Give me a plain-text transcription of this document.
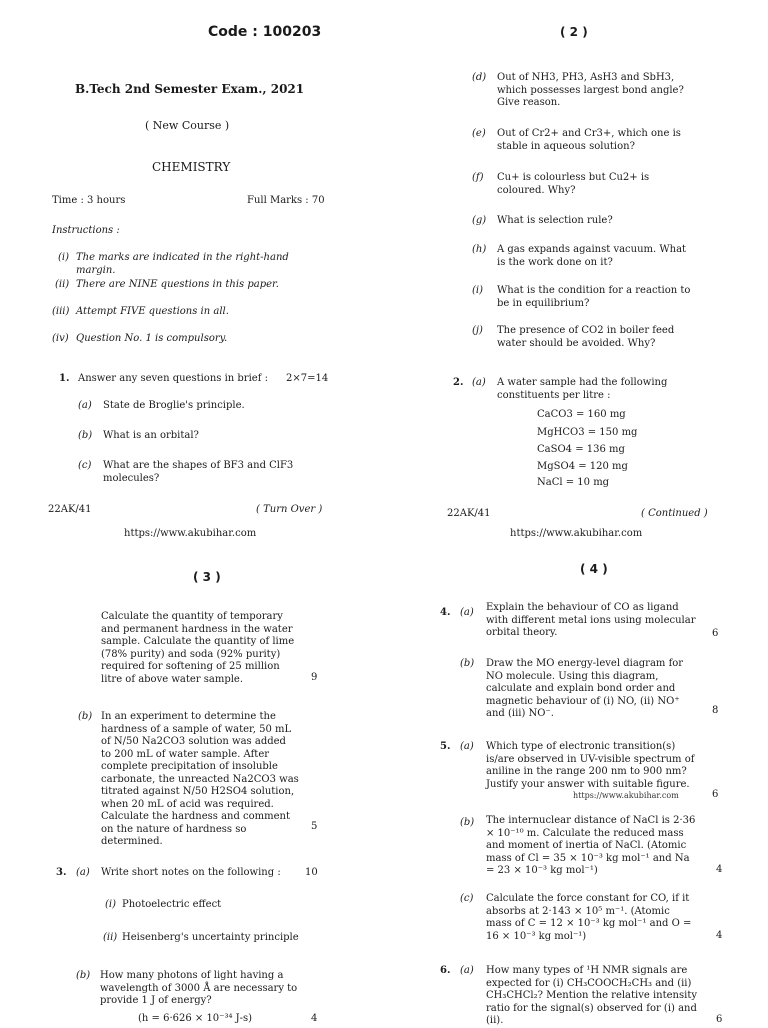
Code : 100203
B.Tech 2nd Semester Exam., 2021
( New Course )
CHEMISTRY
Time : 3 hours	Full Marks : 70
Instructions :
(i) The marks are indicated in the right-hand margin.
(ii) There are NINE questions in this paper.
(iii) Attempt FIVE questions in all.
(iv) Question No. 1 is compulsory.
1. Answer any seven questions in brief : 2×7=14
(a) State de Broglie's principle.
(b) What is an orbital?
(c) What are the shapes of BF3 and ClF3 molecules?
22AK/41	( Turn Over )
https://www.akubihar.com
( 2 )
(d) Out of NH3, PH3, AsH3 and SbH3, which possesses largest bond angle? Give reason.
(e) Out of Cr2+ and Cr3+, which one is stable in aqueous solution?
(f) Cu+ is colourless but Cu2+ is coloured. Why?
(g) What is selection rule?
(h) A gas expands against vacuum. What is the work done on it?
(i) What is the condition for a reaction to be in equilibrium?
(j) The presence of CO2 in boiler feed water should be avoided. Why?
2. (a) A water sample had the following constituents per litre :
CaCO3 = 160 mg
MgHCO3 = 150 mg
CaSO4 = 136 mg
MgSO4 = 120 mg
NaCl = 10 mg
22AK/41	( Continued )
https://www.akubihar.com
( 3 )
Calculate the quantity of temporary and permanent hardness in the water sample. Calculate the quantity of lime (78% purity) and soda (92% purity) required for softening of 25 million litre of above water sample.	9
(b) In an experiment to determine the hardness of a sample of water, 50 mL of N/50 Na2CO3 solution was added to 200 mL of water sample. After complete precipitation of insoluble carbonate, the unreacted Na2CO3 was titrated against N/50 H2SO4 solution, when 20 mL of acid was required. Calculate the hardness and comment on the nature of hardness so determined.
5
3. (a) Write short notes on the following : 10
(i) Photoelectric effect
(ii) Heisenberg's uncertainty principle
(b) How many photons of light having a wavelength of 3000 Å are necessary to provide 1 J of energy?
(h = 6·626 × 10⁻³⁴ J-s)	4
( 4 )
4. (a) Explain the behaviour of CO as ligand with different metal ions using molecular orbital theory.	6
(b) Draw the MO energy-level diagram for NO molecule. Using this diagram, calculate and explain bond order and magnetic behaviour of (i) NO, (ii) NO⁺ and (iii) NO⁻.	8
5. (a) Which type of electronic transition(s) is/are observed in UV-visible spectrum of aniline in the range 200 nm to 900 nm? Justify your answer with suitable figure.
https://www.akubihar.com	6
(b) The internuclear distance of NaCl is 2·36 × 10⁻¹⁰ m. Calculate the reduced mass and moment of inertia of NaCl. (Atomic mass of Cl = 35 × 10⁻³ kg mol⁻¹ and Na = 23 × 10⁻³ kg mol⁻¹)	4
(c) Calculate the force constant for CO, if it absorbs at 2·143 × 10⁵ m⁻¹. (Atomic mass of C = 12 × 10⁻³ kg mol⁻¹ and O = 16 × 10⁻³ kg mol⁻¹)	4
6. (a) How many types of ¹H NMR signals are expected for (i) CH₃COOCH₂CH₃ and (ii) CH₃CHCl₂? Mention the relative intensity ratio for the signal(s) observed for (i) and (ii).	6
